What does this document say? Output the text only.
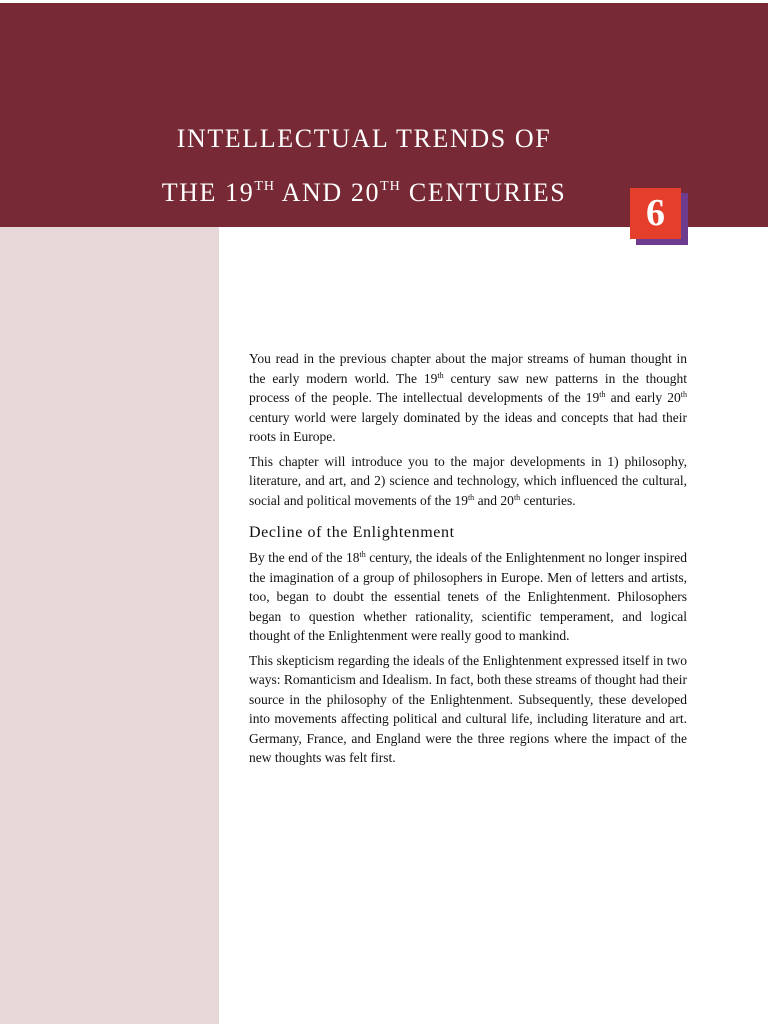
INTELLECTUAL TRENDS OF
THE 19TH AND 20TH CENTURIES	6

You read in the previous chapter about the major streams of human thought in the early modern world. The 19th century saw new patterns in the thought process of the people. The intellectual developments of the 19th and early 20th century world were largely dominated by the ideas and concepts that had their roots in Europe.

This chapter will introduce you to the major developments in 1) philosophy, literature, and art, and 2) science and technology, which influenced the cultural, social and political movements of the 19th and 20th centuries.

Decline of the Enlightenment

By the end of the 18th century, the ideals of the Enlightenment no longer inspired the imagination of a group of philosophers in Europe. Men of letters and artists, too, began to doubt the essential tenets of the Enlightenment. Philosophers began to question whether rationality, scientific temperament, and logical thought of the Enlightenment were really good to mankind.

This skepticism regarding the ideals of the Enlightenment expressed itself in two ways: Romanticism and Idealism. In fact, both these streams of thought had their source in the philosophy of the Enlightenment. Subsequently, these developed into movements affecting political and cultural life, including literature and art. Germany, France, and England were the three regions where the impact of the new thoughts was felt first.
